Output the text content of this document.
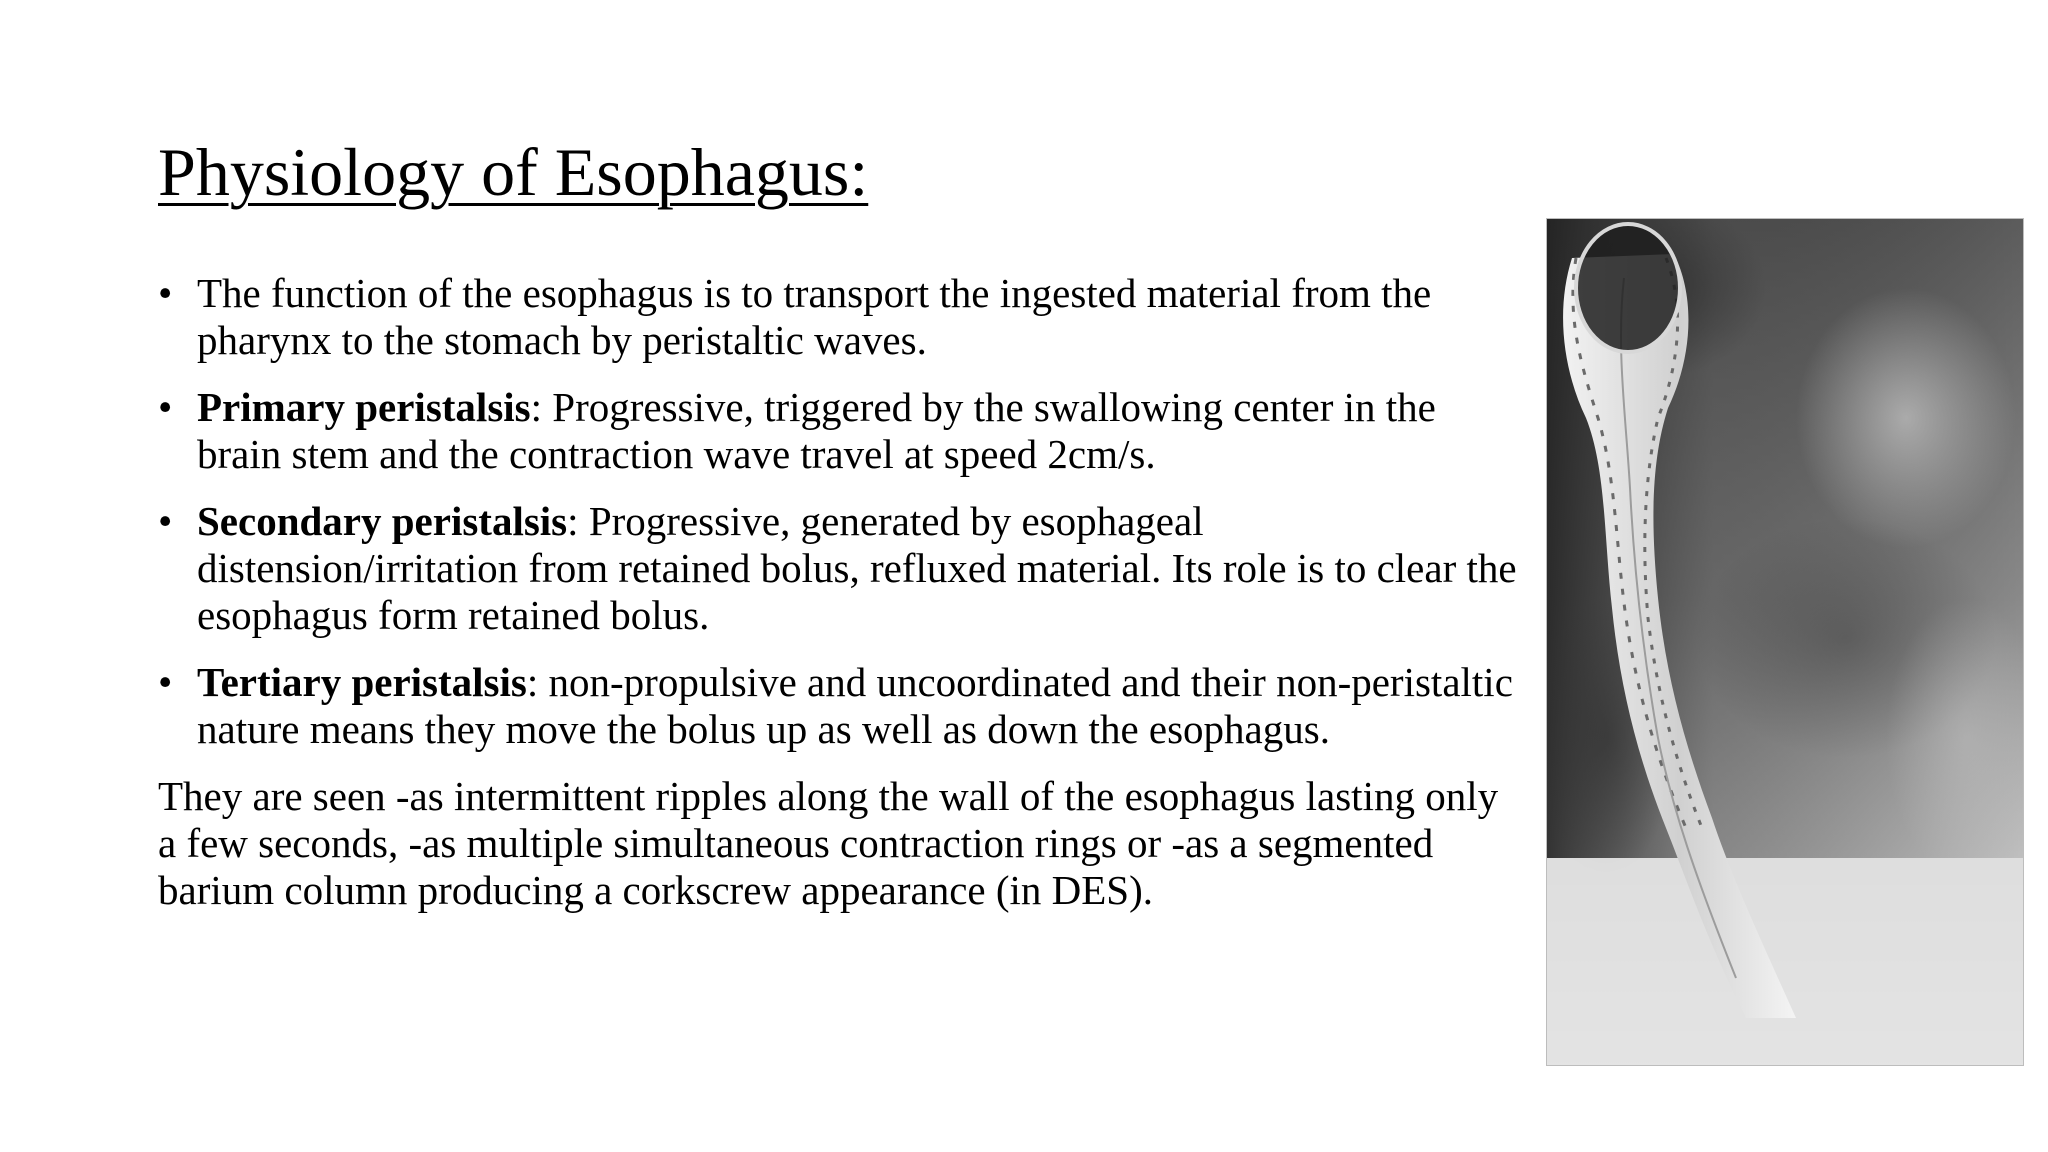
Physiology of Esophagus:
• The function of the esophagus is to transport the ingested material from the pharynx to the stomach by peristaltic waves.
• Primary peristalsis: Progressive, triggered by the swallowing center in the brain stem and the contraction wave travel at speed 2cm/s.
• Secondary peristalsis: Progressive, generated by esophageal distension/irritation from retained bolus, refluxed material. Its role is to clear the esophagus form retained bolus.
• Tertiary peristalsis: non-propulsive and uncoordinated and their non-peristaltic nature means they move the bolus up as well as down the esophagus.

They are seen -as intermittent ripples along the wall of the esophagus lasting only a few seconds, -as multiple simultaneous contraction rings or -as a segmented barium column producing a corkscrew appearance (in DES).
